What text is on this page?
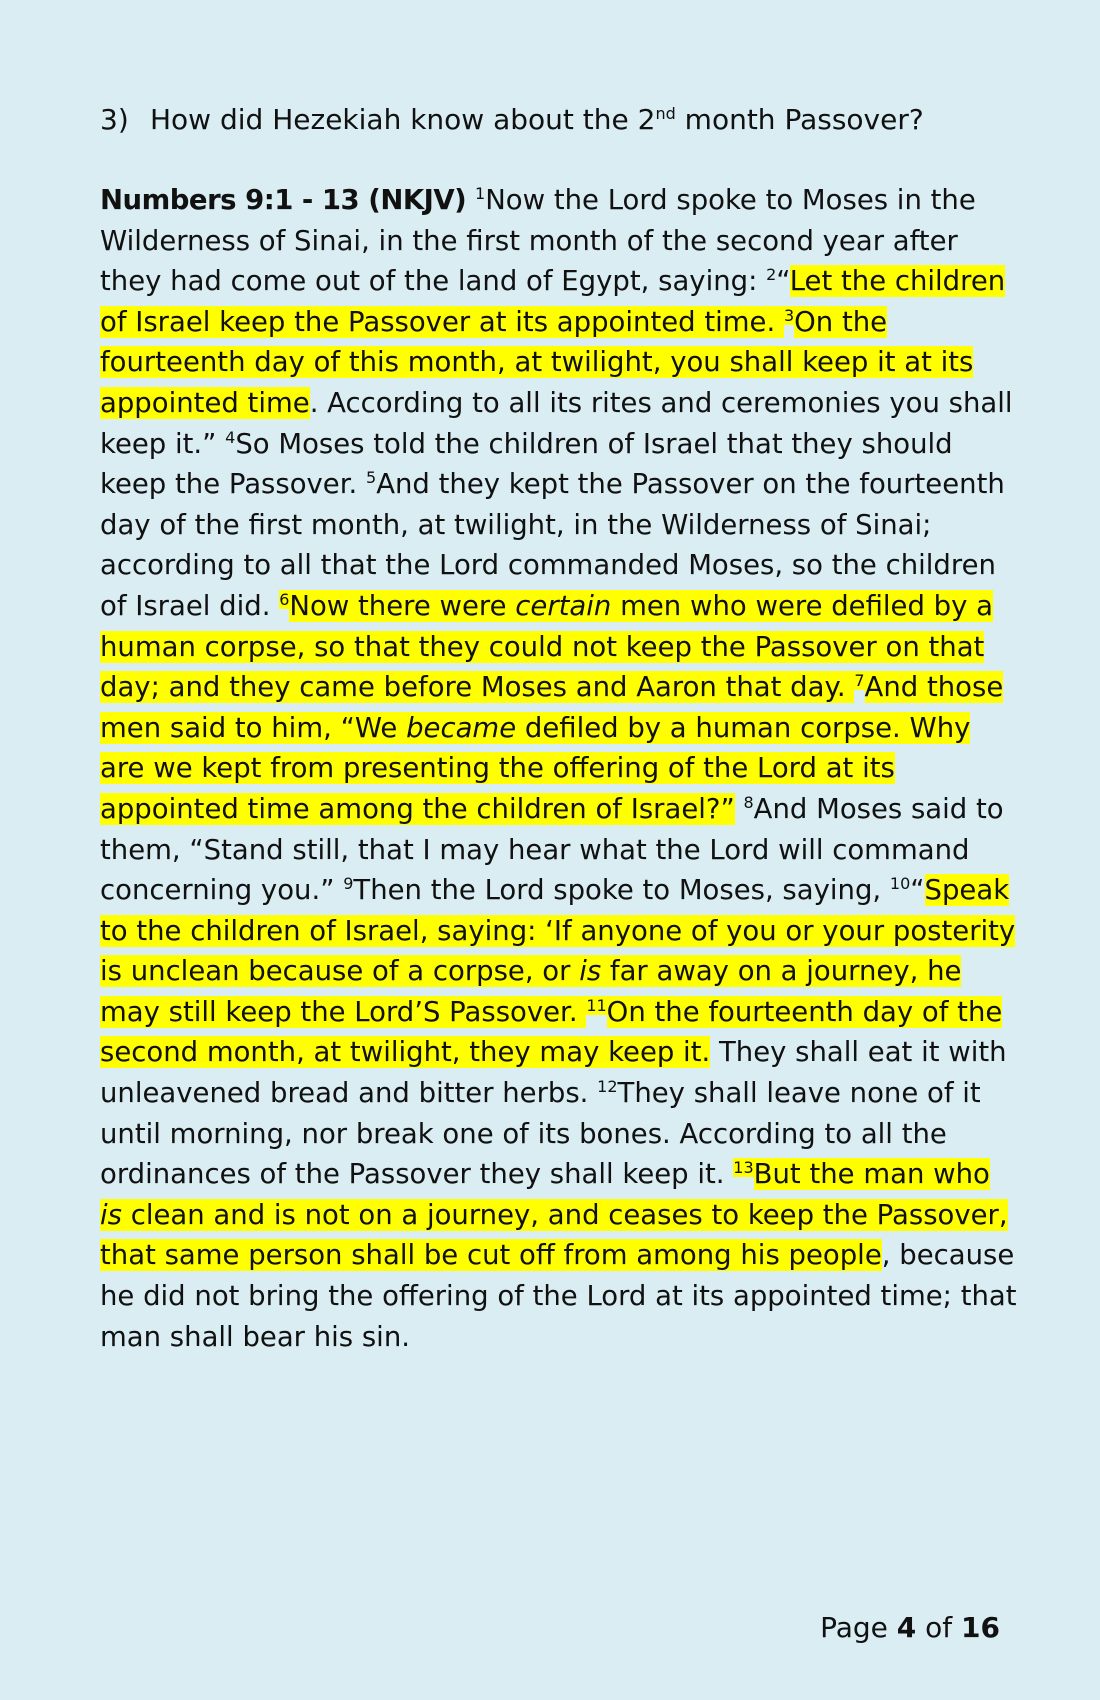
3) How did Hezekiah know about the 2nd month Passover?

Numbers 9:1 - 13 (NKJV) $^1$Now the Lord spoke to Moses in the Wilderness of Sinai, in the first month of the second year after they had come out of the land of Egypt, saying: $^2$“Let the children of Israel keep the Passover at its appointed time. $^3$On the fourteenth day of this month, at twilight, you shall keep it at its appointed time. According to all its rites and ceremonies you shall keep it.” $^4$So Moses told the children of Israel that they should keep the Passover. $^5$And they kept the Passover on the fourteenth day of the first month, at twilight, in the Wilderness of Sinai; according to all that the Lord commanded Moses, so the children of Israel did. $^6$Now there were certain men who were defiled by a human corpse, so that they could not keep the Passover on that day; and they came before Moses and Aaron that day. $^7$And those men said to him, “We became defiled by a human corpse. Why are we kept from presenting the offering of the Lord at its appointed time among the children of Israel?” $^8$And Moses said to them, “Stand still, that I may hear what the Lord will command concerning you.” $^9$Then the Lord spoke to Moses, saying, $^{10}$“Speak to the children of Israel, saying: ‘If anyone of you or your posterity is unclean because of a corpse, or is far away on a journey, he may still keep the Lord’S Passover. $^{11}$On the fourteenth day of the second month, at twilight, they may keep it. They shall eat it with unleavened bread and bitter herbs. $^{12}$They shall leave none of it until morning, nor break one of its bones. According to all the ordinances of the Passover they shall keep it. $^{13}$But the man who is clean and is not on a journey, and ceases to keep the Passover, that same person shall be cut off from among his people, because he did not bring the offering of the Lord at its appointed time; that man shall bear his sin.

Page 4 of 16
